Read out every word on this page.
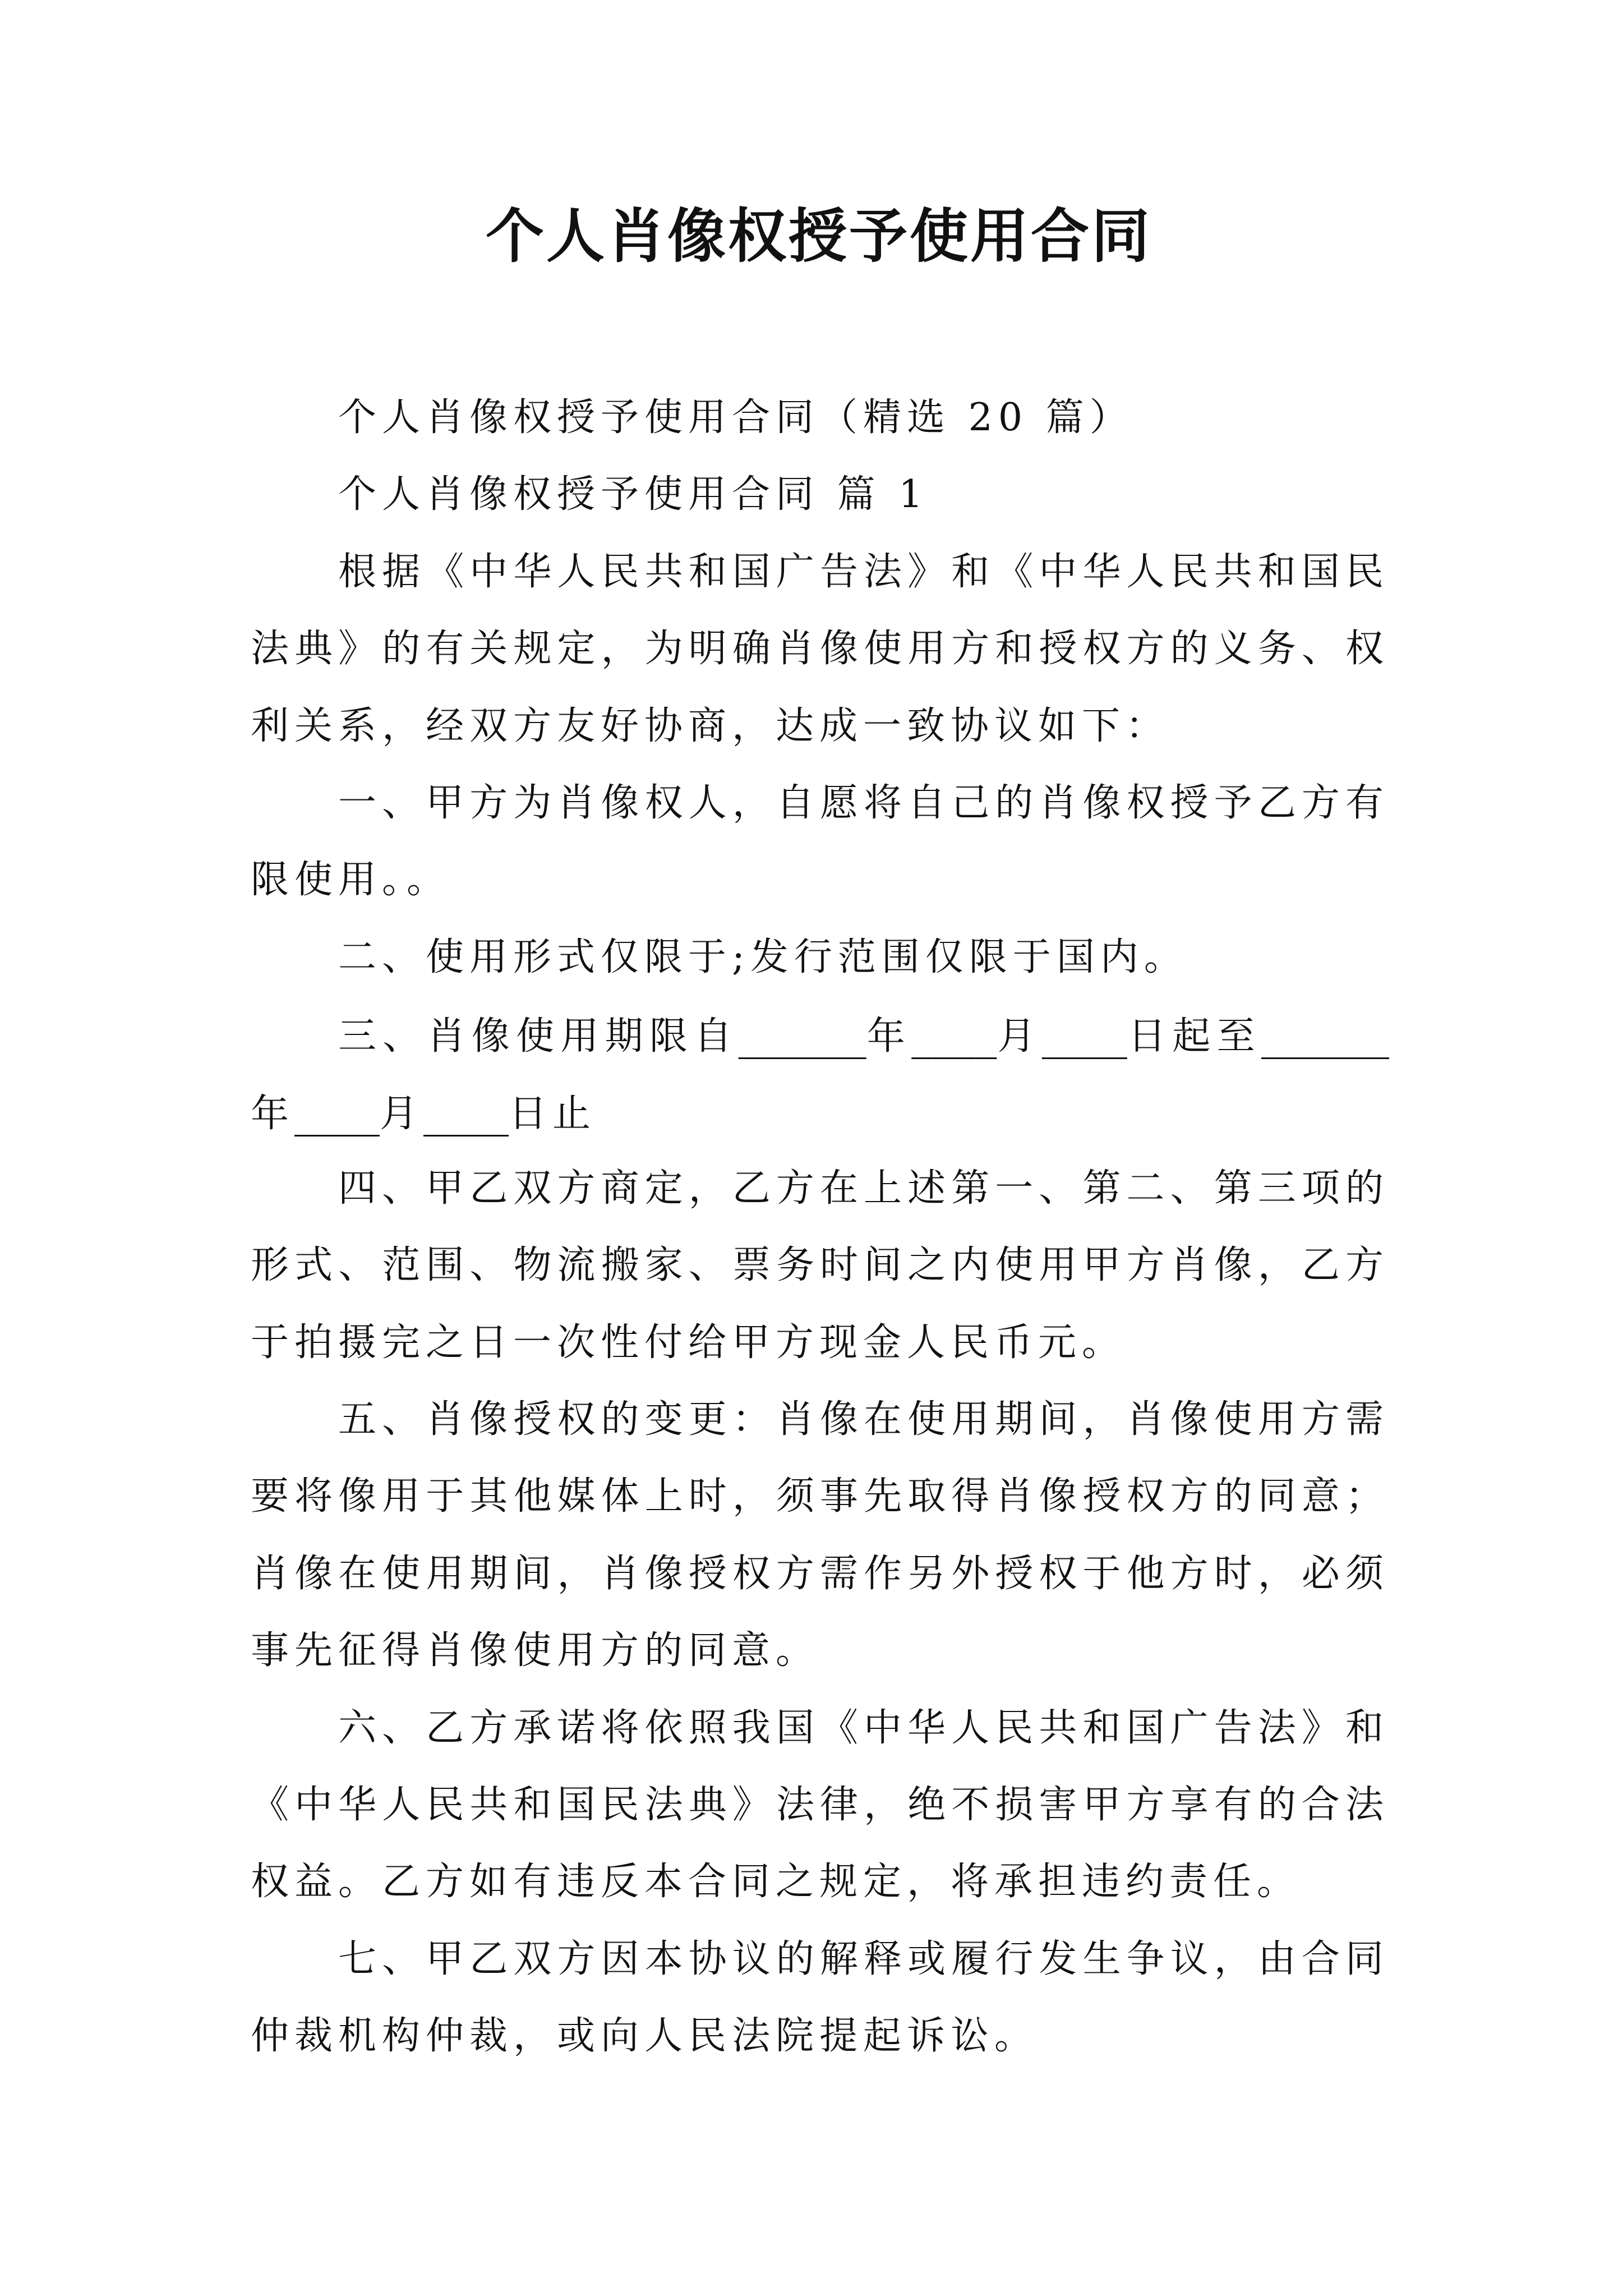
个人肖像权授予使用合同

个人肖像权授予使用合同（精选 20 篇）

个人肖像权授予使用合同 篇 1

根据《中华人民共和国广告法》和《中华人民共和国民
法典》的有关规定，为明确肖像使用方和授权方的义务、权
利关系，经双方友好协商，达成一致协议如下：

一、甲方为肖像权人，自愿将自己的肖像权授予乙方有
限使用。。

二、使用形式仅限于;发行范围仅限于国内。

三、肖像使用期限自______年____月____日起至______
年____月____日止

四、甲乙双方商定，乙方在上述第一、第二、第三项的
形式、范围、物流搬家、票务时间之内使用甲方肖像，乙方
于拍摄完之日一次性付给甲方现金人民币元。

五、肖像授权的变更：肖像在使用期间，肖像使用方需
要将像用于其他媒体上时，须事先取得肖像授权方的同意；
肖像在使用期间，肖像授权方需作另外授权于他方时，必须
事先征得肖像使用方的同意。

六、乙方承诺将依照我国《中华人民共和国广告法》和
《中华人民共和国民法典》法律，绝不损害甲方享有的合法
权益。乙方如有违反本合同之规定，将承担违约责任。

七、甲乙双方因本协议的解释或履行发生争议，由合同
仲裁机构仲裁，或向人民法院提起诉讼。
